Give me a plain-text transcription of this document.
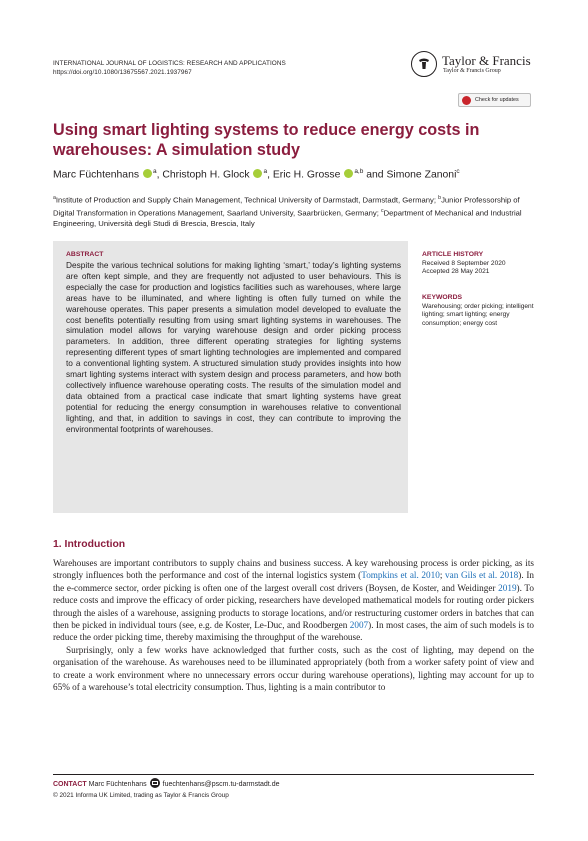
INTERNATIONAL JOURNAL OF LOGISTICS: RESEARCH AND APPLICATIONS
https://doi.org/10.1080/13675567.2021.1937967
Taylor & Francis
Taylor & Francis Group
Check for updates
Using smart lighting systems to reduce energy costs in warehouses: A simulation study
Marc Füchtenhans $^a$, Christoph H. Glock $^a$, Eric H. Grosse $^{a,b}$ and Simone Zanoni$^c$
$^a$Institute of Production and Supply Chain Management, Technical University of Darmstadt, Darmstadt, Germany; $^b$Junior Professorship of Digital Transformation in Operations Management, Saarland University, Saarbrücken, Germany; $^c$Department of Mechanical and Industrial Engineering, Università degli Studi di Brescia, Brescia, Italy
ABSTRACT
Despite the various technical solutions for making lighting ‘smart,’ today’s lighting systems are often kept simple, and they are frequently not adjusted to user behaviours. This is especially the case for production and logistics facilities such as warehouses, where large areas have to be illuminated, and where lighting is often fully turned on while the warehouse operates. This paper presents a simulation model developed to evaluate the cost benefits potentially resulting from using smart lighting systems in warehouses. The simulation model allows for varying warehouse design and order picking process parameters. In addition, three different operating strategies for lighting systems representing different types of smart lighting technologies are implemented and compared to a conventional lighting system. A structured simulation study provides insights into how smart lighting systems interact with system design and process parameters, and how both collectively influence warehouse operating costs. The results of the simulation model and data obtained from a practical case indicate that smart lighting systems have great potential for reducing the energy consumption in warehouses relative to conventional lighting, and that, in addition to savings in cost, they can contribute to improving the environmental footprints of warehouses.
ARTICLE HISTORY
Received 8 September 2020
Accepted 28 May 2021
KEYWORDS
Warehousing; order picking; intelligent lighting; smart lighting; energy consumption; energy cost
1. Introduction

Warehouses are important contributors to supply chains and business success. A key warehousing process is order picking, as its strongly influences both the performance and cost of the internal logistics system (Tompkins et al. 2010; van Gils et al. 2018). In the e-commerce sector, order picking is often one of the largest overall cost drivers (Boysen, de Koster, and Weidinger 2019). To reduce costs and improve the efficacy of order picking, researchers have developed mathematical models for routing order pickers through the aisles of a warehouse, assigning products to storage locations, and/or restructuring customer orders in batches that can then be picked in individual tours (see, e.g. de Koster, Le-Duc, and Roodbergen 2007). In most cases, the aim of such models is to reduce the order picking time, thereby maximising the throughput of the warehouse.

Surprisingly, only a few works have acknowledged that further costs, such as the cost of lighting, may depend on the organisation of the warehouse. As warehouses need to be illuminated appropriately (both from a worker safety point of view and to create a work environment where no unnecessary errors occur during warehouse operations), lighting may account for up to 65% of a warehouse’s total electricity consumption. Thus, lighting is a main contributor to

CONTACT Marc Füchtenhans fuechtenhans@pscm.tu-darmstadt.de
© 2021 Informa UK Limited, trading as Taylor & Francis Group
